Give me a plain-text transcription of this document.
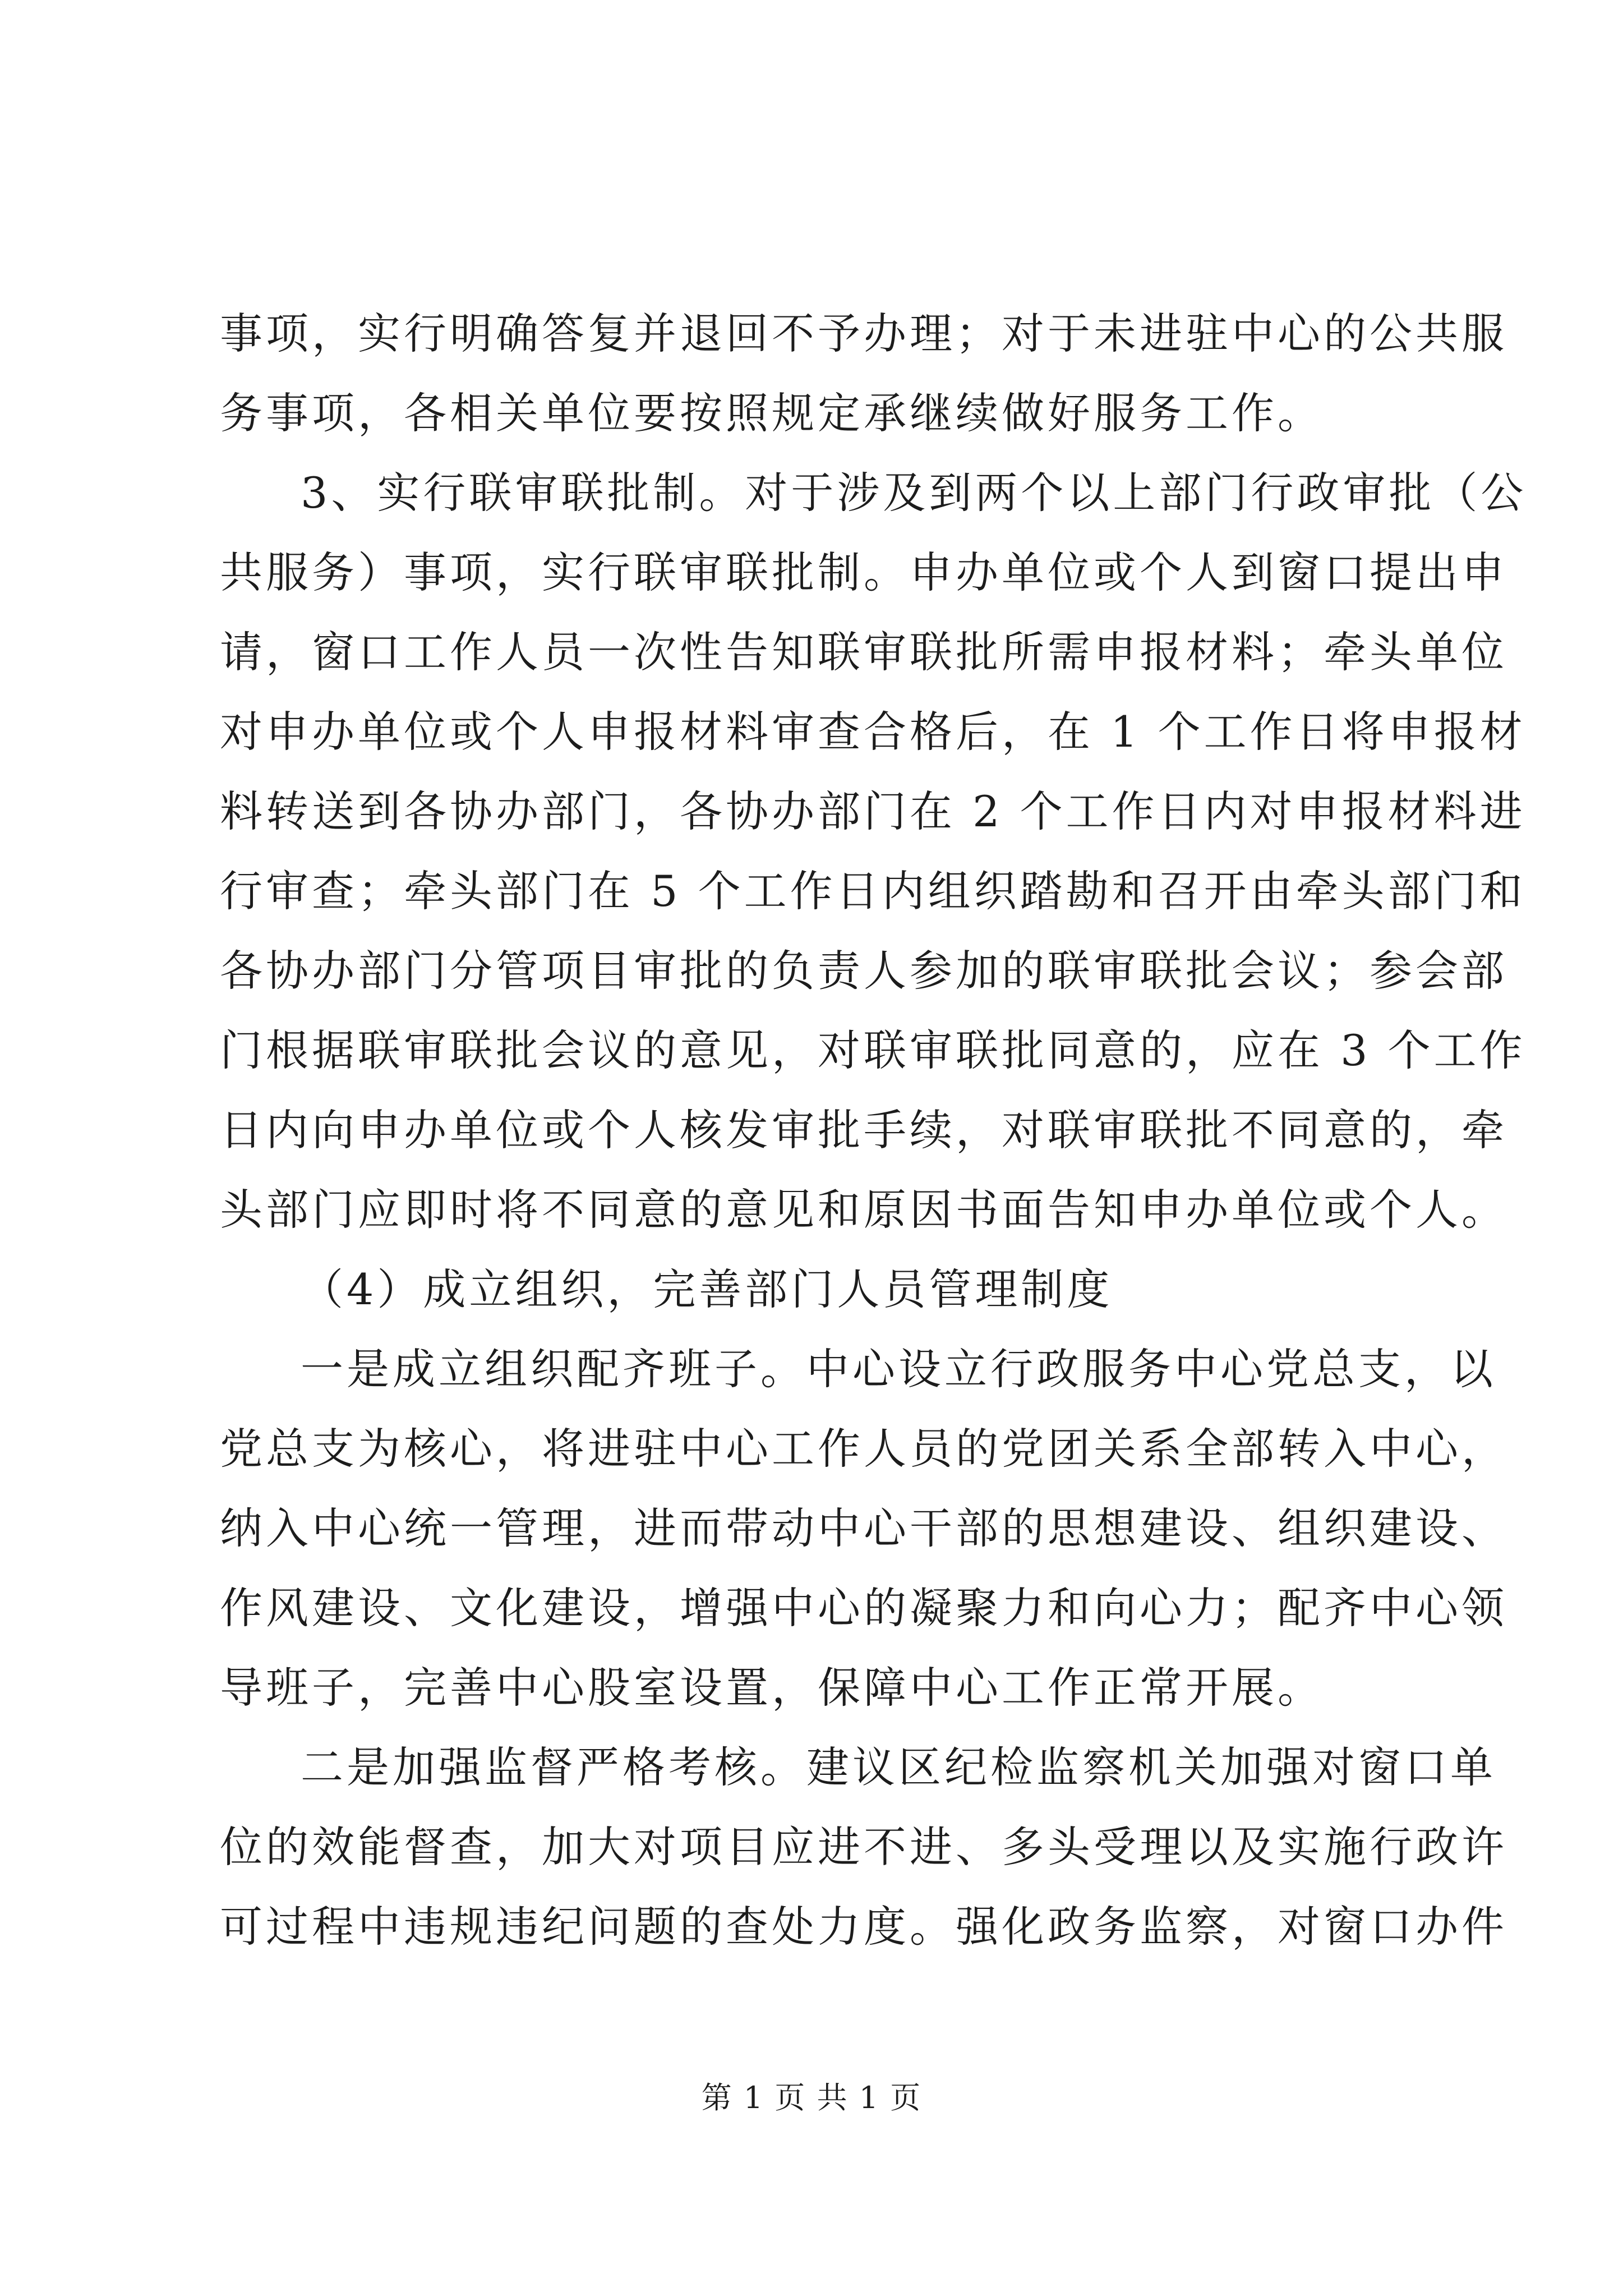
事项，实行明确答复并退回不予办理；对于未进驻中心的公共服
务事项，各相关单位要按照规定承继续做好服务工作。
3、实行联审联批制。对于涉及到两个以上部门行政审批（公
共服务）事项，实行联审联批制。申办单位或个人到窗口提出申
请，窗口工作人员一次性告知联审联批所需申报材料；牵头单位
对申办单位或个人申报材料审查合格后，在 1 个工作日将申报材
料转送到各协办部门，各协办部门在 2 个工作日内对申报材料进
行审查；牵头部门在 5 个工作日内组织踏勘和召开由牵头部门和
各协办部门分管项目审批的负责人参加的联审联批会议；参会部
门根据联审联批会议的意见，对联审联批同意的，应在 3 个工作
日内向申办单位或个人核发审批手续，对联审联批不同意的，牵
头部门应即时将不同意的意见和原因书面告知申办单位或个人。
（4）成立组织，完善部门人员管理制度
一是成立组织配齐班子。中心设立行政服务中心党总支，以
党总支为核心，将进驻中心工作人员的党团关系全部转入中心，
纳入中心统一管理，进而带动中心干部的思想建设、组织建设、
作风建设、文化建设，增强中心的凝聚力和向心力；配齐中心领
导班子，完善中心股室设置，保障中心工作正常开展。
二是加强监督严格考核。建议区纪检监察机关加强对窗口单
位的效能督查，加大对项目应进不进、多头受理以及实施行政许
可过程中违规违纪问题的查处力度。强化政务监察，对窗口办件
第 1 页 共 1 页
